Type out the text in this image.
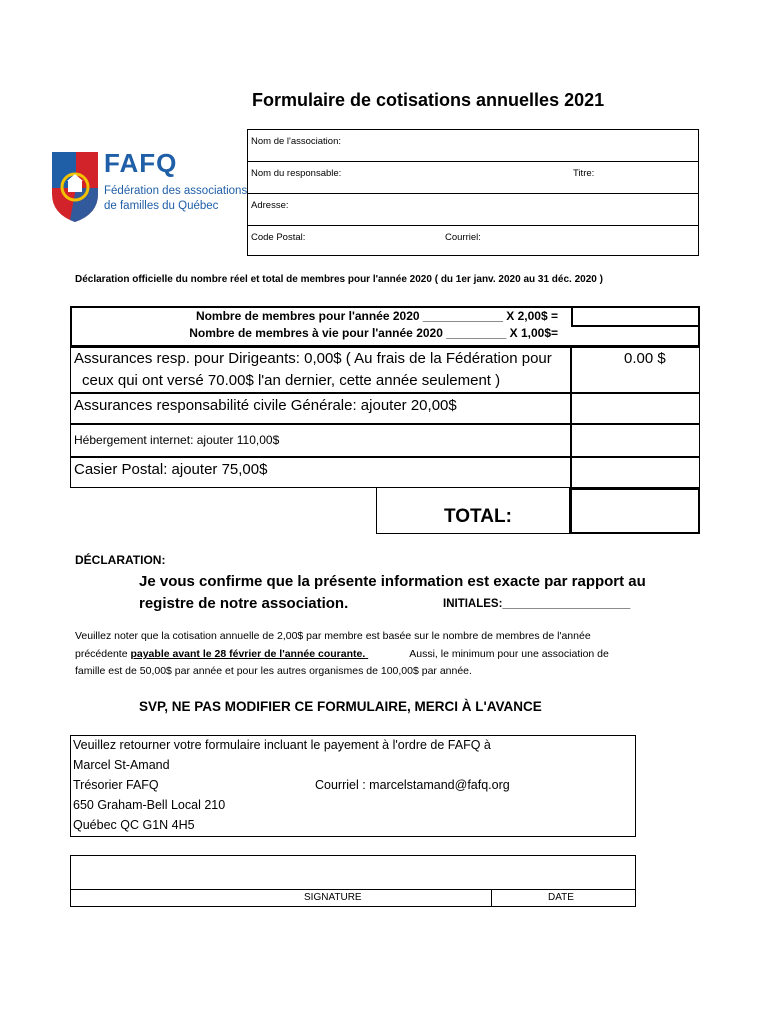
Formulaire de cotisations annuelles 2021
FAFQ
Fédération des associations
de familles du Québec
Nom de l'association:
Nom du responsable:	Titre:
Adresse:
Code Postal:	Courriel:
Déclaration officielle du nombre réel et total de membres pour l'année 2020 ( du 1er janv. 2020 au 31 déc. 2020 )
Nombre de membres pour l'année 2020 ____________ X 2,00$ =
Nombre de membres à vie pour l'année 2020 _________ X 1,00$=
Assurances resp. pour Dirigeants: 0,00$ ( Au frais de la Fédération pour
ceux qui ont versé 70.00$ l'an dernier, cette année seulement )
0.00 $
Assurances responsabilité civile Générale: ajouter 20,00$
Hébergement internet: ajouter 110,00$
Casier Postal: ajouter 75,00$
TOTAL:
DÉCLARATION:
Je vous confirme que la présente information est exacte par rapport au
registre de notre association.	INITIALES:____________________
Veuillez noter que la cotisation annuelle de 2,00$ par membre est basée sur le nombre de membres de l'année
précédente payable avant le 28 février de l'année courante.	Aussi, le minimum pour une association de
famille est de 50,00$ par année et pour les autres organismes de 100,00$ par année.
SVP, NE PAS MODIFIER CE FORMULAIRE, MERCI À L'AVANCE
Veuillez retourner votre formulaire incluant le payement à l'ordre de FAFQ à
Marcel St-Amand
Trésorier FAFQ	Courriel : marcelstamand@fafq.org
650 Graham-Bell Local 210
Québec QC G1N 4H5
SIGNATURE	DATE
